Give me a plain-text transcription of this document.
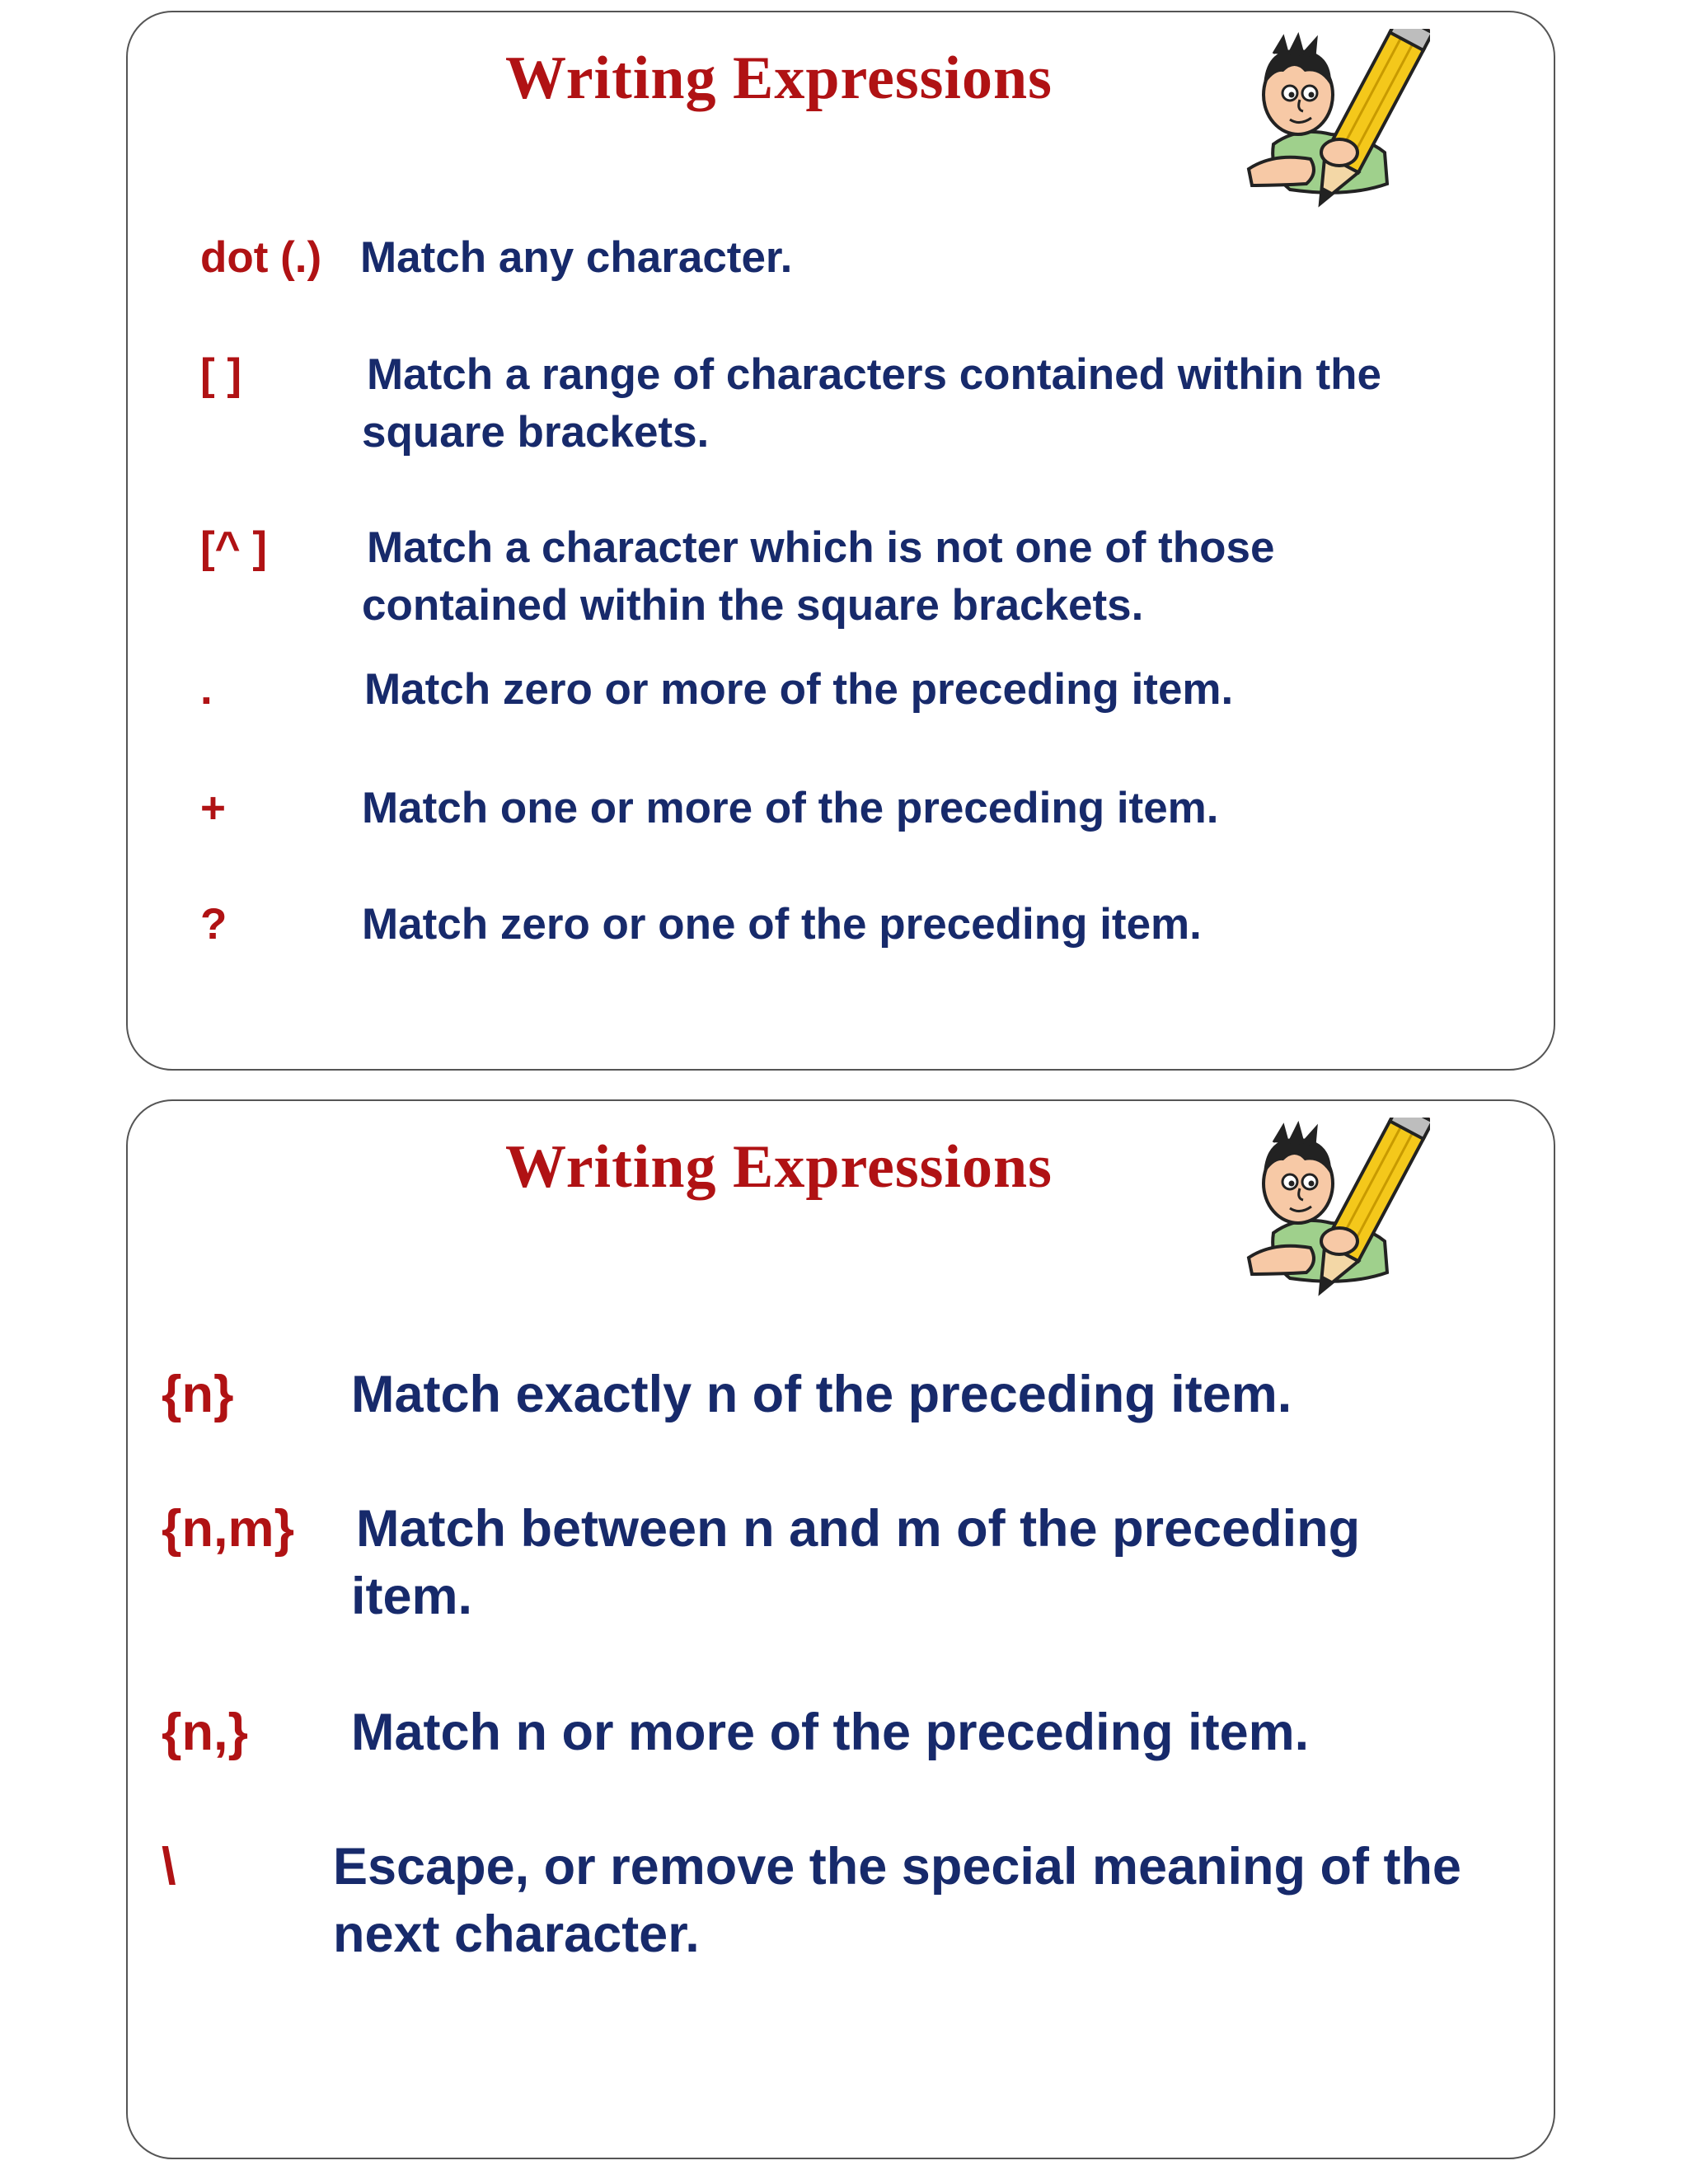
Writing Expressions
dot (.) Match any character.
[ ]	Match a range of characters contained within the square brackets.
[^ ] Match a character which is not one of those contained within the square brackets.
.	Match zero or more of the preceding item.
+	Match one or more of the preceding item.
?	Match zero or one of the preceding item.
Writing Expressions
{n} Match exactly n of the preceding item.
{n,m} Match between n and m of the preceding item.
{n,} Match n or more of the preceding item.
\	Escape, or remove the special meaning of the next character.
